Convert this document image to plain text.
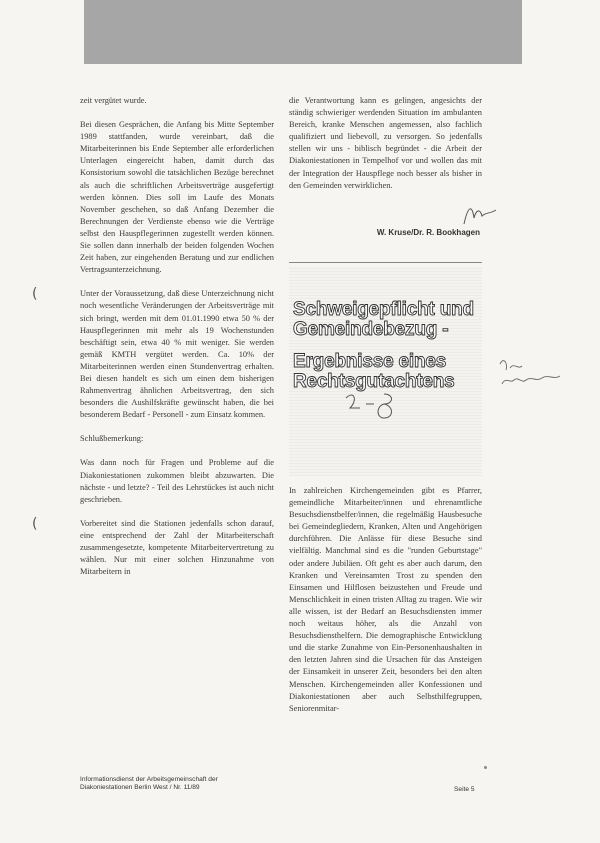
zeit vergütet wurde.

Bei diesen Gesprächen, die Anfang bis Mitte September 1989 stattfanden, wurde vereinbart, daß die Mitarbeiterinnen bis Ende September alle erforderlichen Unterlagen eingereicht haben, damit durch das Konsistorium sowohl die tatsächlichen Bezüge berechnet als auch die schriftlichen Arbeitsverträge ausgefertigt werden können. Dies soll im Laufe des Monats November geschehen, so daß Anfang Dezember die Berechnungen der Verdienste ebenso wie die Verträge selbst den Hauspflegerinnen zugestellt werden können. Sie sollen dann innerhalb der beiden folgenden Wochen Zeit haben, zur eingehenden Beratung und zur endlichen Vertragsunterzeichnung.

Unter der Voraussetzung, daß diese Unterzeichnung nicht noch wesentliche Veränderungen der Arbeitsverträge mit sich bringt, werden mit dem 01.01.1990 etwa 50 % der Hauspflegerinnen mit mehr als 19 Wochenstunden beschäftigt sein, etwa 40 % mit weniger. Sie werden gemäß KMTH vergütet werden. Ca. 10% der Mitarbeiterinnen werden einen Stundenvertrag erhalten. Bei diesen handelt es sich um einen dem bisherigen Rahmenvertrag ähnlichen Arbeitsvertrag, den sich besonders die Aushilfskräfte gewünscht haben, die bei besonderem Bedarf - Personell - zum Einsatz kommen.

Schlußbemerkung:

Was dann noch für Fragen und Probleme auf die Diakoniestationen zukommen bleibt abzuwarten. Die nächste - und letzte? - Teil des Lehrstückes ist auch nicht geschrieben.

Vorbereitet sind die Stationen jedenfalls schon darauf, eine entsprechend der Zahl der Mitarbeiterschaft zusammengesetzte, kompetente Mitarbeitervertretung zu wählen. Nur mit einer solchen Hinzunahme von Mitarbeitern in

die Verantwortung kann es gelingen, angesichts der ständig schwieriger werdenden Situation im ambulanten Bereich, kranke Menschen angemessen, also fachlich qualifiziert und liebevoll, zu versorgen. So jedenfalls stellen wir uns - biblisch begründet - die Arbeit der Diakoniestationen in Tempelhof vor und wollen das mit der Integration der Hauspflege noch besser als bisher in den Gemeinden verwirklichen.

W. Kruse/Dr. R. Bookhagen
Schweigepflicht und Gemeindebezug -
Ergebnisse eines Rechtsgutachtens

In zahlreichen Kirchengemeinden gibt es Pfarrer, gemeindliche Mitarbeiter/innen und ehrenamtliche Besuchsdienstbelfer/innen, die regelmäßig Hausbesuche bei Gemeindegliedern, Kranken, Alten und Angehörigen durchführen. Die Anlässe für diese Besuche sind vielfältig. Manchmal sind es die "runden Geburtstage" oder andere Jubiläen. Oft geht es aber auch darum, den Kranken und Vereinsamten Trost zu spenden den Einsamen und Hilflosen beizustehen und Freude und Menschlichkeit in einen tristen Alltag zu tragen. Wie wir alle wissen, ist der Bedarf an Besuchsdiensten immer noch weitaus höher, als die Anzahl von Besuchsdiensthelfern. Die demographische Entwicklung und die starke Zunahme von Ein-Personenhaushalten in den letzten Jahren sind die Ursachen für das Ansteigen der Einsamkeit in unserer Zeit, besonders bei den alten Menschen. Kirchengemeinden aller Konfessionen und Diakoniestationen aber auch Selbsthilfegruppen, Seniorenmitar-

(
(
Informationsdienst der Arbeitsgemeinschaft der
Diakoniestationen Berlin West / Nr. 11/89	Seite 5
